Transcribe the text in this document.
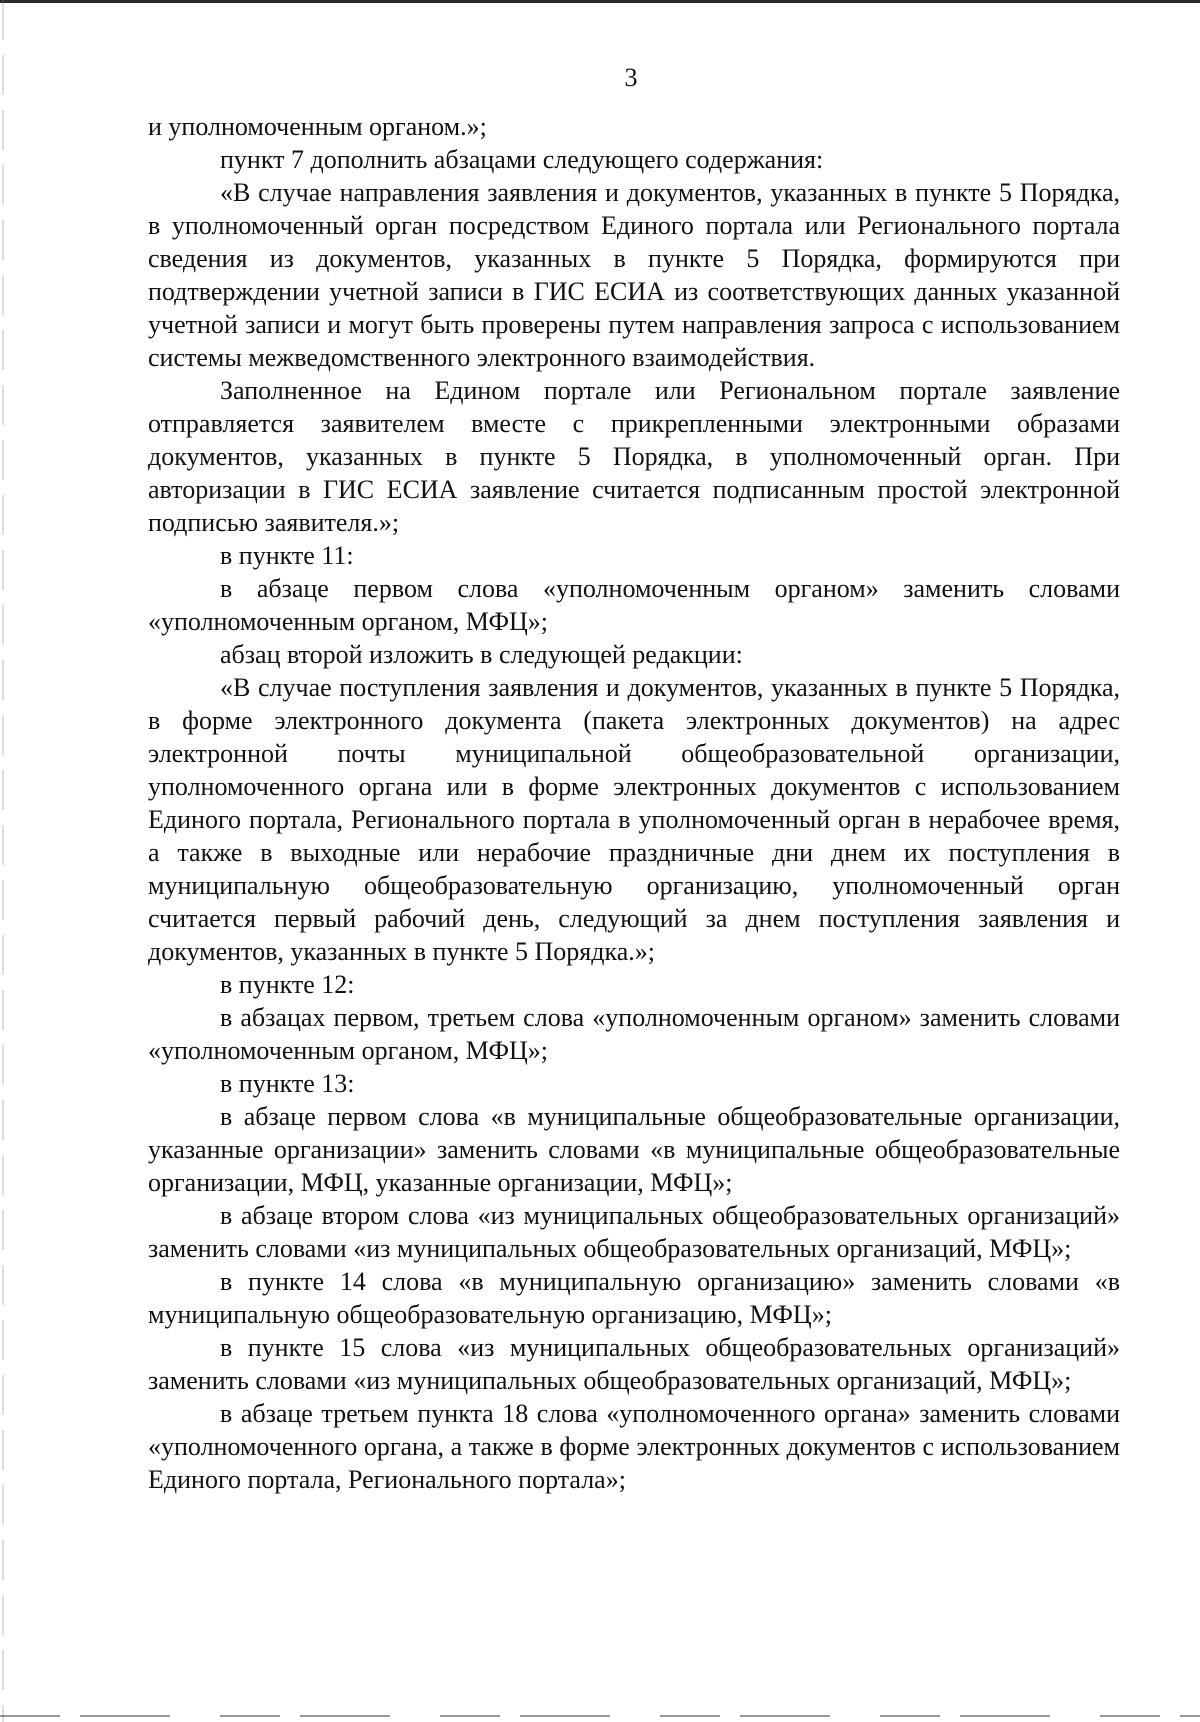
3

и уполномоченным органом.»;

пункт 7 дополнить абзацами следующего содержания:

«В случае направления заявления и документов, указанных в пункте 5 Порядка, в уполномоченный орган посредством Единого портала или Регионального портала сведения из документов, указанных в пункте 5 Порядка, формируются при подтверждении учетной записи в ГИС ЕСИА из соответствующих данных указанной учетной записи и могут быть проверены путем направления запроса с использованием системы межведомственного электронного взаимодействия.

Заполненное на Едином портале или Региональном портале заявление отправляется заявителем вместе с прикрепленными электронными образами документов, указанных в пункте 5 Порядка, в уполномоченный орган. При авторизации в ГИС ЕСИА заявление считается подписанным простой электронной подписью заявителя.»;

в пункте 11:

в абзаце первом слова «уполномоченным органом» заменить словами «уполномоченным органом, МФЦ»;

абзац второй изложить в следующей редакции:

«В случае поступления заявления и документов, указанных в пункте 5 Порядка, в форме электронного документа (пакета электронных документов) на адрес электронной почты муниципальной общеобразовательной организации, уполномоченного органа или в форме электронных документов с использованием Единого портала, Регионального портала в уполномоченный орган в нерабочее время, а также в выходные или нерабочие праздничные дни днем их поступления в муниципальную общеобразовательную организацию, уполномоченный орган считается первый рабочий день, следующий за днем поступления заявления и документов, указанных в пункте 5 Порядка.»;

в пункте 12:

в абзацах первом, третьем слова «уполномоченным органом» заменить словами «уполномоченным органом, МФЦ»;

в пункте 13:

в абзаце первом слова «в муниципальные общеобразовательные организации, указанные организации» заменить словами «в муниципальные общеобразовательные организации, МФЦ, указанные организации, МФЦ»;

в абзаце втором слова «из муниципальных общеобразовательных организаций» заменить словами «из муниципальных общеобразовательных организаций, МФЦ»;

в пункте 14 слова «в муниципальную организацию» заменить словами «в муниципальную общеобразовательную организацию, МФЦ»;

в пункте 15 слова «из муниципальных общеобразовательных организаций» заменить словами «из муниципальных общеобразовательных организаций, МФЦ»;

в абзаце третьем пункта 18 слова «уполномоченного органа» заменить словами «уполномоченного органа, а также в форме электронных документов с использованием Единого портала, Регионального портала»;
